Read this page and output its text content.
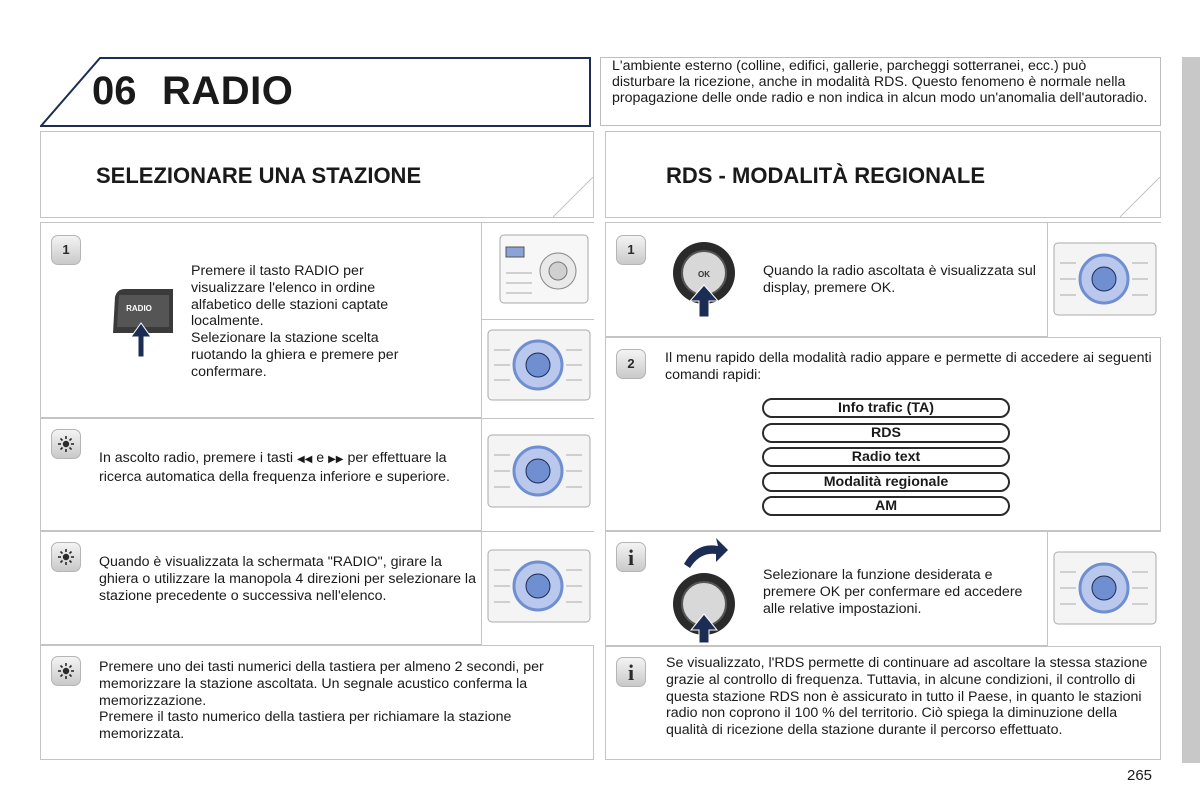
06 RADIO
L'ambiente esterno (colline, edifici, gallerie, parcheggi sotterranei, ecc.) può disturbare la ricezione, anche in modalità RDS. Questo fenomeno è normale nella propagazione delle onde radio e non indica in alcun modo un'anomalia dell'autoradio.
SELEZIONARE UNA STAZIONE
1
RADIO
Premere il tasto RADIO per visualizzare l'elenco in ordine alfabetico delle stazioni captate localmente.
Selezionare la stazione scelta ruotando la ghiera e premere per confermare.
In ascolto radio, premere i tasti ◀◀ e ▶▶ per effettuare la ricerca automatica della frequenza inferiore e superiore.
Quando è visualizzata la schermata "RADIO", girare la ghiera o utilizzare la manopola 4 direzioni per selezionare la stazione precedente o successiva nell'elenco.
Premere uno dei tasti numerici della tastiera per almeno 2 secondi, per memorizzare la stazione ascoltata. Un segnale acustico conferma la memorizzazione.
Premere il tasto numerico della tastiera per richiamare la stazione memorizzata.
RDS - MODALITÀ REGIONALE
1
OK	Quando la radio ascoltata è visualizzata sul display, premere OK.
2	Il menu rapido della modalità radio appare e permette di accedere ai seguenti comandi rapidi:
Info trafic (TA)
RDS
Radio text
Modalità regionale
AM
i
Selezionare la funzione desiderata e premere OK per confermare ed accedere alle relative impostazioni.
i	Se visualizzato, l'RDS permette di continuare ad ascoltare la stessa stazione grazie al controllo di frequenza. Tuttavia, in alcune condizioni, il controllo di questa stazione RDS non è assicurato in tutto il Paese, in quanto le stazioni radio non coprono il 100 % del territorio. Ciò spiega la diminuzione della qualità di ricezione della stazione durante il percorso effettuato.
265
